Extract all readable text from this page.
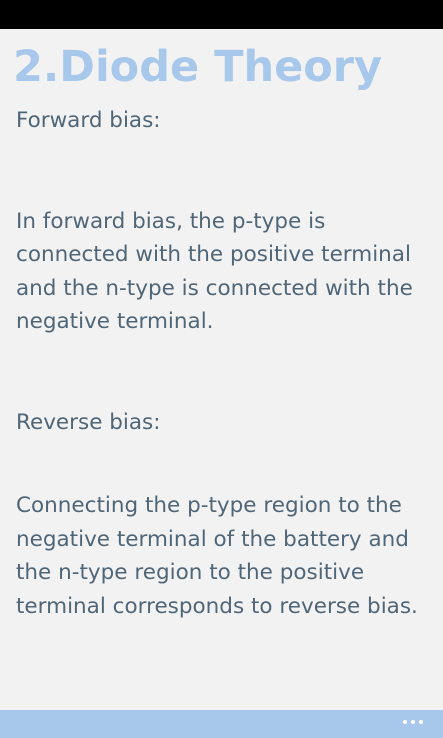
2.Diode Theory

Forward bias:

In forward bias, the p-type is connected with the positive terminal and the n-type is connected with the negative terminal.

Reverse bias:

Connecting the p-type region to the negative terminal of the battery and the n-type region to the positive terminal corresponds to reverse bias.
